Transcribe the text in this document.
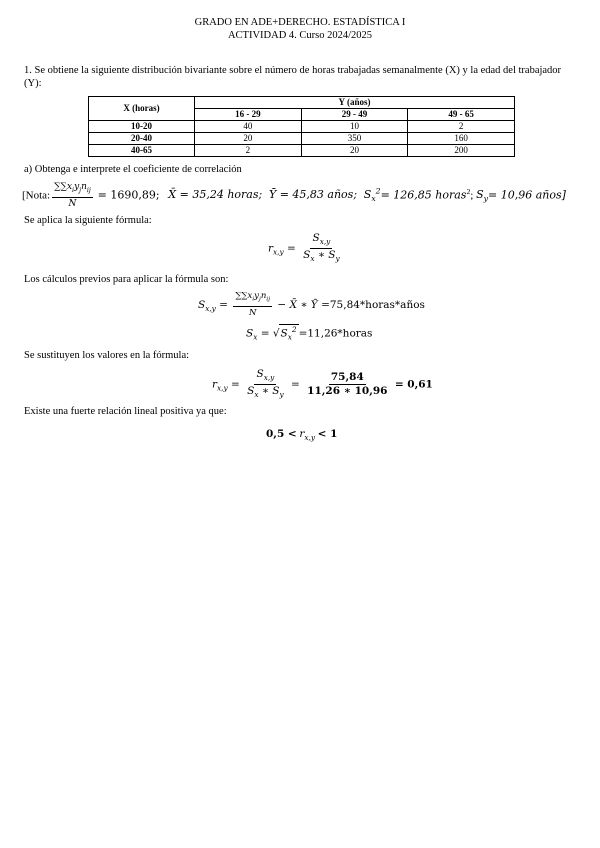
GRADO EN ADE+DERECHO. ESTADÍSTICA I
ACTIVIDAD 4. Curso 2024/2025
1. Se obtiene la siguiente distribución bivariante sobre el número de horas trabajadas semanalmente (X) y la edad del trabajador (Y):
X (horas)	Y (años)		
	16 - 29	29 - 49	49 - 65
10-20	40	10	2
20-40	20	350	160
40-65	2	20	200
a) Obtenga e interprete el coeficiente de correlación
[Nota: $\frac{\sum\sum x_iy_jn_{ij}}{N} = 1690,89$; X̄ = 35,24 horas; Ȳ = 45,83 años; $S_x^2= 126,85$ horas$^2$; $S_y= 10,96$ años]
Se aplica la siguiente fórmula:
$r_{x,y} = \frac{S_{x,y}}{S_x ∗ S_y}$
Los cálculos previos para aplicar la fórmula son:
$S_{x,y} = \frac{\sum\sum x_iy_jn_{ij}}{N}$ − X̄ ∗ Ȳ =75,84*horas*años
$S_x = √S_x^2$ =11,26*horas
Se sustituyen los valores en la fórmula:
$r_{x,y} = \frac{S_{x,y}}{S_x ∗ S_y} = \frac{75,84}{11,26 ∗ 10,96} = 0,61$
Existe una fuerte relación lineal positiva ya que:
$0,5 < r_{x,y} < 1$
